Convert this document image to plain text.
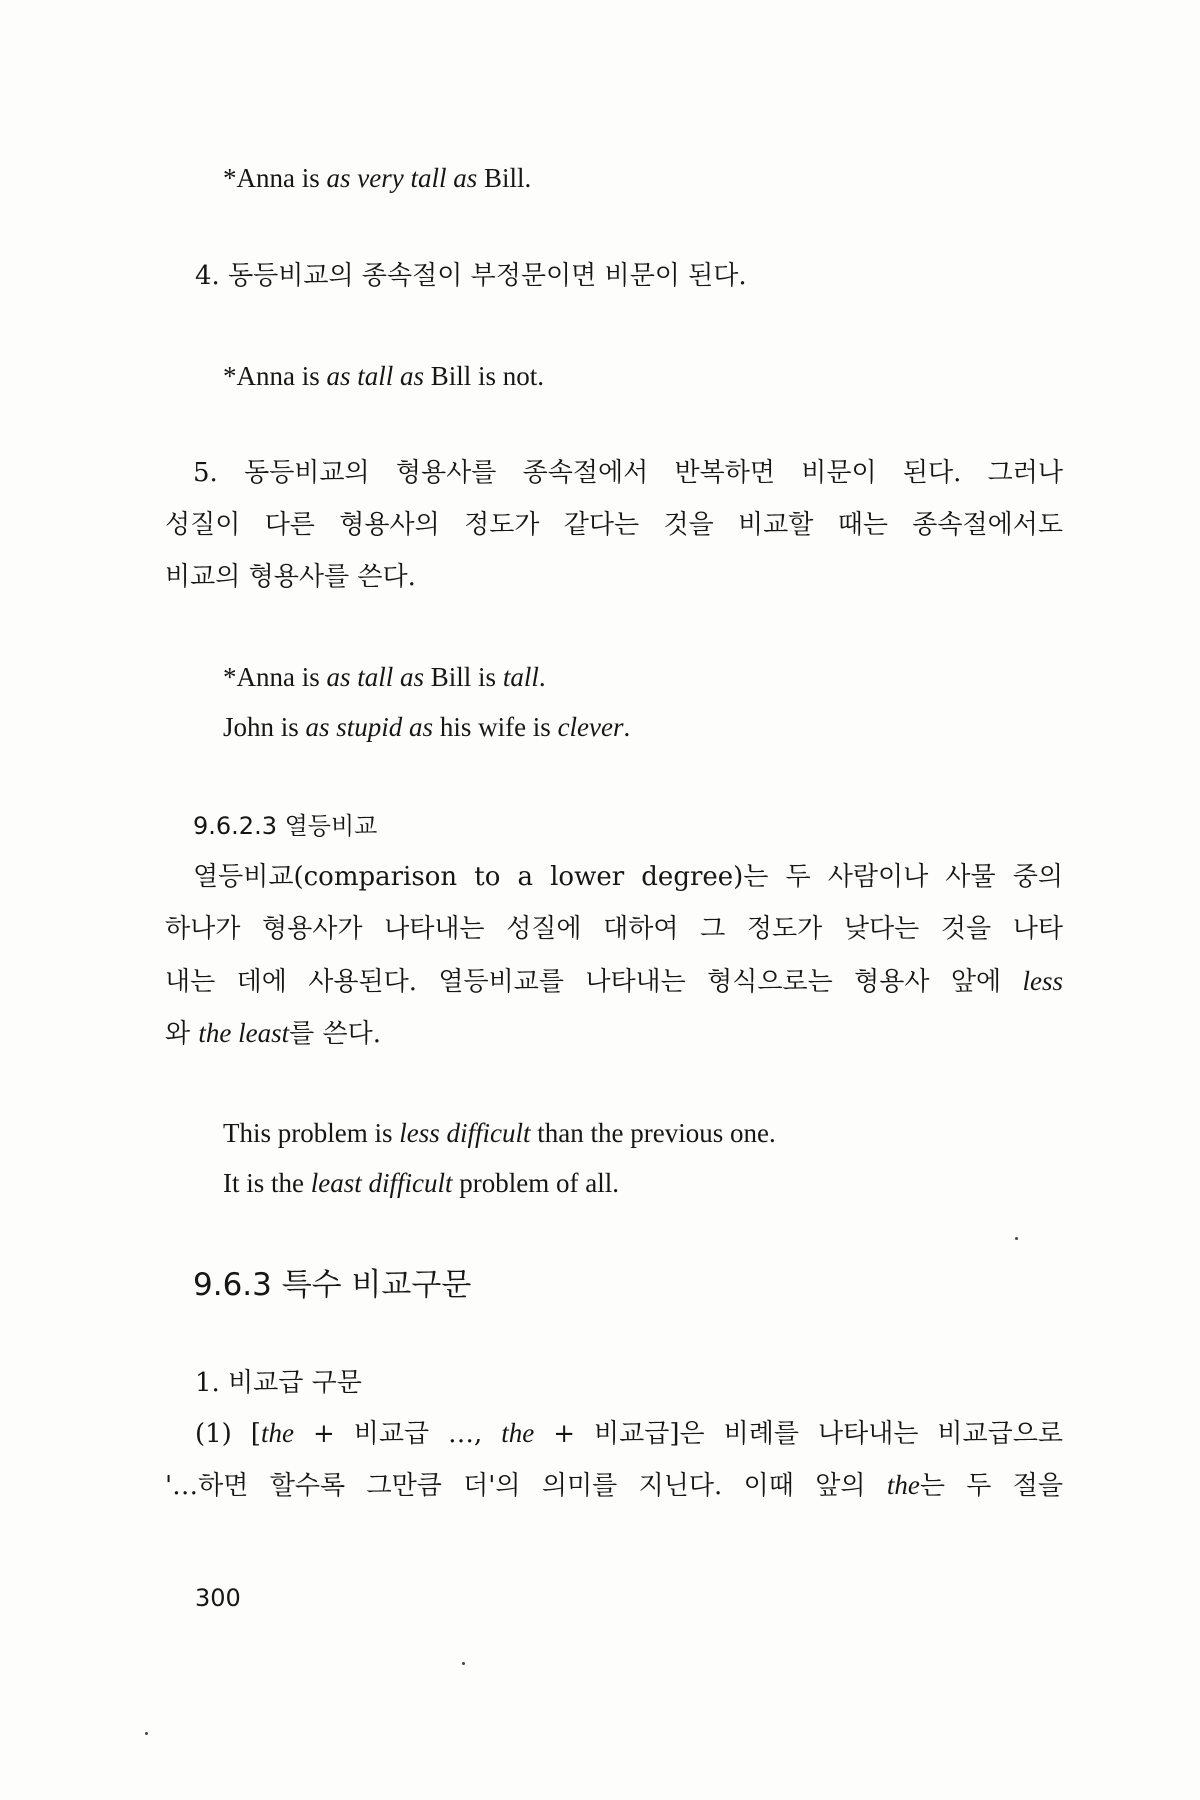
*Anna is as very tall as Bill.
4. 동등비교의 종속절이 부정문이면 비문이 된다.
*Anna is as tall as Bill is not.
5. 동등비교의 형용사를 종속절에서 반복하면 비문이 된다. 그러나
성질이 다른 형용사의 정도가 같다는 것을 비교할 때는 종속절에서도
비교의 형용사를 쓴다.
*Anna is as tall as Bill is tall.
John is as stupid as his wife is clever.
9.6.2.3 열등비교
열등비교(comparison to a lower degree)는 두 사람이나 사물 중의
하나가 형용사가 나타내는 성질에 대하여 그 정도가 낮다는 것을 나타
내는 데에 사용된다. 열등비교를 나타내는 형식으로는 형용사 앞에 less
와 the least를 쓴다.
This problem is less difficult than the previous one.
It is the least difficult problem of all.
9.6.3 특수 비교구문
1. 비교급 구문
(1) [the + 비교급 …, the + 비교급]은 비례를 나타내는 비교급으로
'…하면 할수록 그만큼 더'의 의미를 지닌다. 이때 앞의 the는 두 절을
300
